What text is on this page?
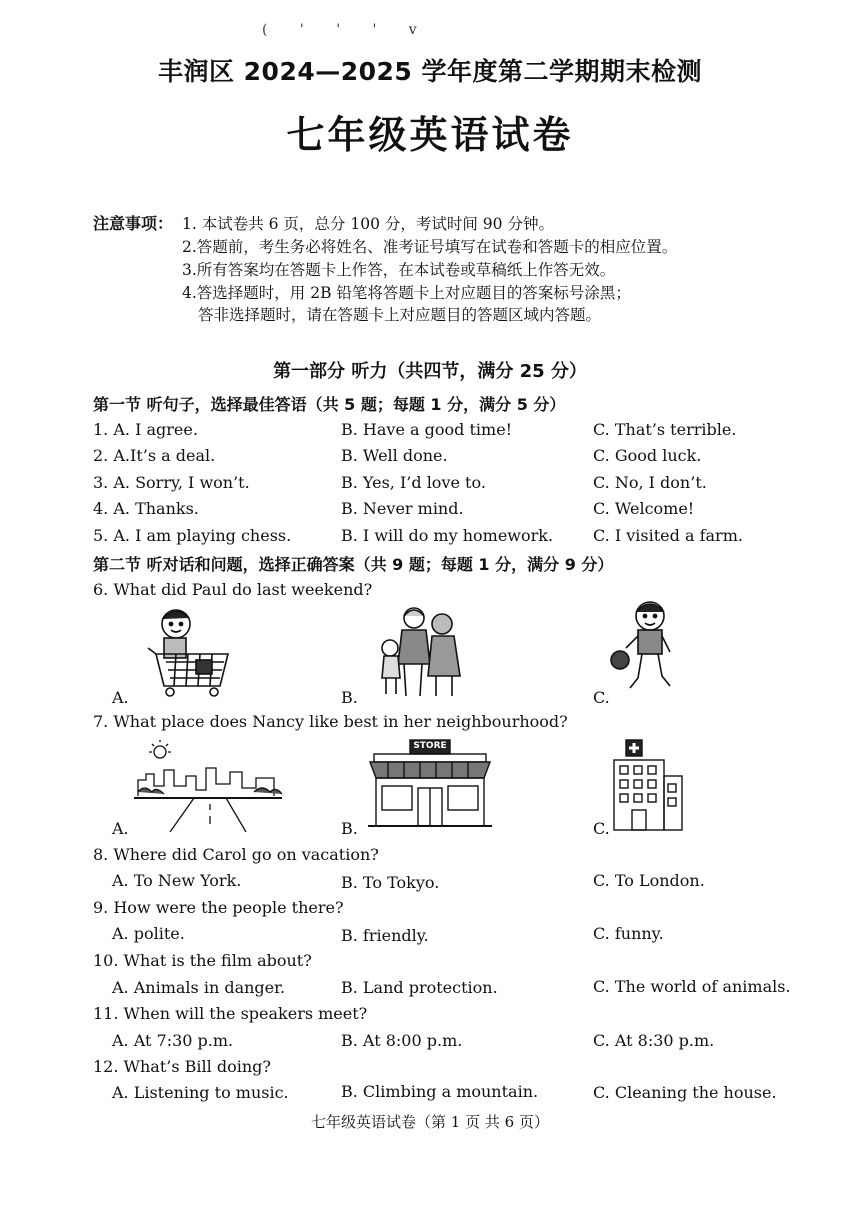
( ' ' ' v
丰润区 2024—2025 学年度第二学期期末检测
七年级英语试卷
注意事项： 1. 本试卷共 6 页，总分 100 分，考试时间 90 分钟。
2.答题前，考生务必将姓名、准考证号填写在试卷和答题卡的相应位置。
3.所有答案均在答题卡上作答，在本试卷或草稿纸上作答无效。
4.答选择题时，用 2B 铅笔将答题卡上对应题目的答案标号涂黑；
答非选择题时，请在答题卡上对应题目的答题区域内答题。
第一部分 听力（共四节，满分 25 分）
第一节 听句子，选择最佳答语（共 5 题；每题 1 分，满分 5 分）
1. A. I agree.	B. Have a good time!	C. That’s terrible.
2. A.It’s a deal.	B. Well done.	C. Good luck.
3. A. Sorry, I won’t.	B. Yes, I’d love to.	C. No, I don’t.
4. A. Thanks.	B. Never mind.	C. Welcome!
5. A. I am playing chess.	B. I will do my homework. C. I visited a farm.
第二节 听对话和问题，选择正确答案（共 9 题；每题 1 分，满分 9 分）
6. What did Paul do last weekend?
A.	B.	C.
7. What place does Nancy like best in her neighbourhood?
A.
STORE
B.	C.
8. Where did Carol go on vacation?
A. To New York.	B. To Tokyo.	C. To London.
9. How were the people there?
A. polite.	B. friendly.	C. funny.
10. What is the film about?
A. Animals in danger.	B. Land protection.	C. The world of animals.
11. When will the speakers meet?
A. At 7:30 p.m.	B. At 8:00 p.m.	C. At 8:30 p.m.
12. What’s Bill doing?
A. Listening to music.	B. Climbing a mountain.	C. Cleaning the house.
七年级英语试卷（第 1 页 共 6 页）
